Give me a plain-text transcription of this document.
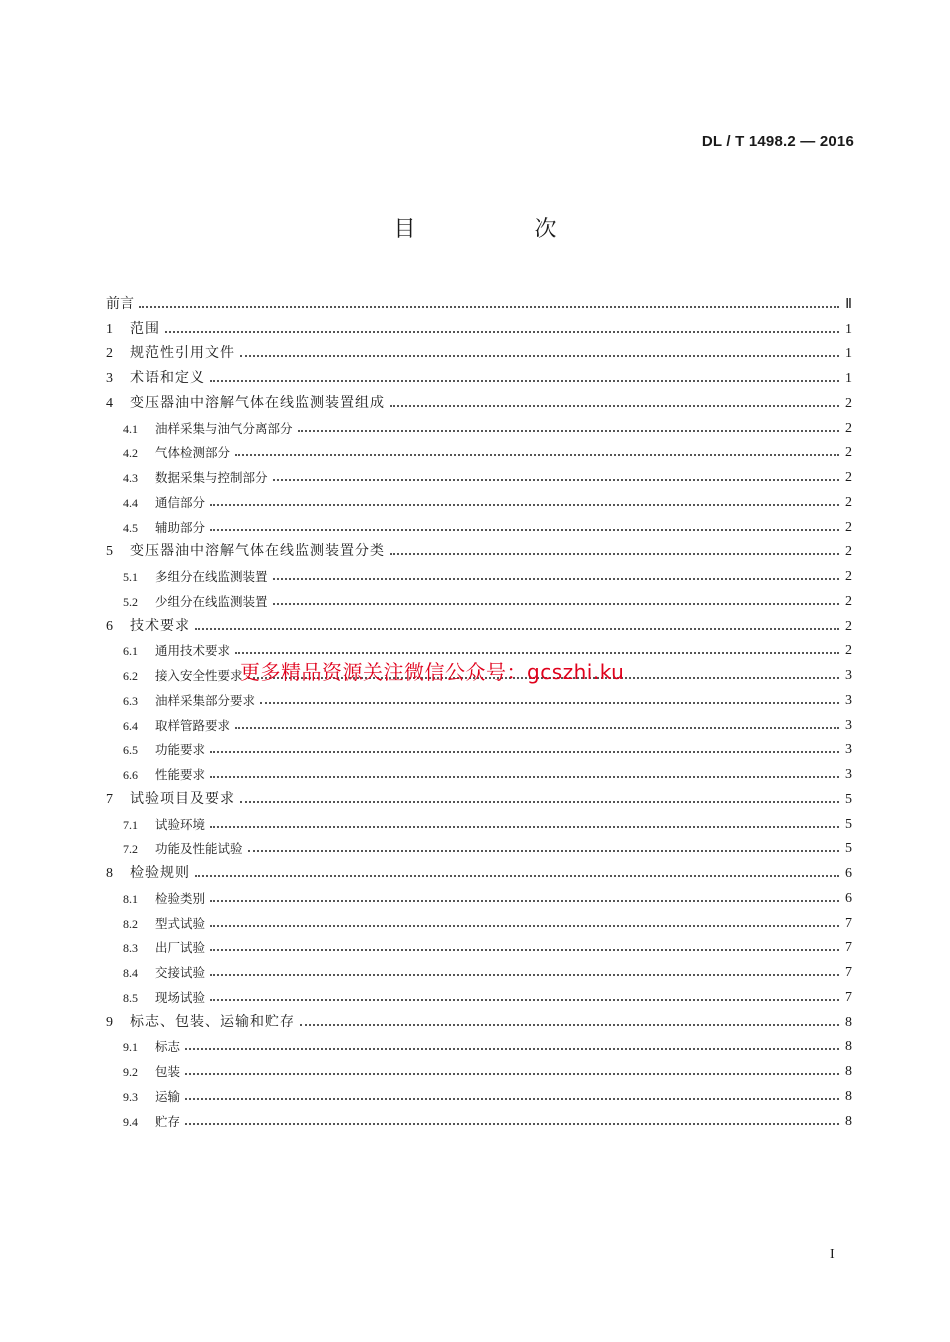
DL / T 1498.2 — 2016
目 次
前言	Ⅱ
1	范围	1
2	规范性引用文件	1
3	术语和定义	1
4	变压器油中溶解气体在线监测装置组成	2
4.1	油样采集与油气分离部分	2
4.2	气体检测部分	2
4.3	数据采集与控制部分	2
4.4	通信部分	2
4.5	辅助部分	2
5	变压器油中溶解气体在线监测装置分类	2
5.1	多组分在线监测装置	2
5.2	少组分在线监测装置	2
6	技术要求	2
6.1	通用技术要求	2
6.2	接入安全性要求	3
6.3	油样采集部分要求	3
6.4	取样管路要求	3
6.5	功能要求	3
6.6	性能要求	3
7	试验项目及要求	5
7.1	试验环境	5
7.2	功能及性能试验	5
8	检验规则	6
8.1	检验类别	6
8.2	型式试验	7
8.3	出厂试验	7
8.4	交接试验	7
8.5	现场试验	7
9	标志、包装、运输和贮存	8
9.1	标志	8
9.2	包装	8
9.3	运输	8
9.4	贮存	8
更多精品资源关注微信公众号：gcszhi.ku
I
